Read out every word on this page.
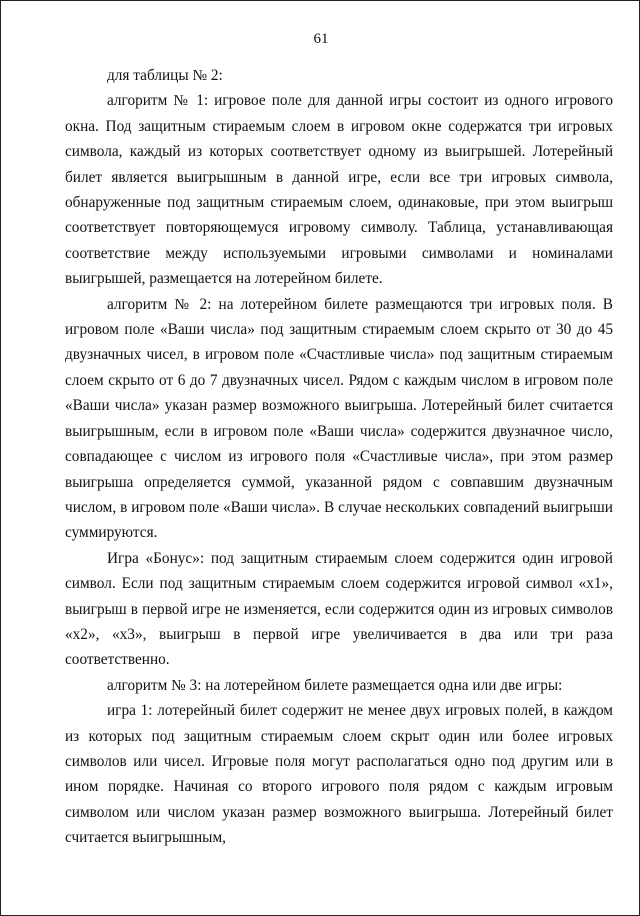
61

для таблицы № 2:

алгоритм № 1: игровое поле для данной игры состоит из одного игрового окна. Под защитным стираемым слоем в игровом окне содержатся три игровых символа, каждый из которых соответствует одному из выигрышей. Лотерейный билет является выигрышным в данной игре, если все три игровых символа, обнаруженные под защитным стираемым слоем, одинаковые, при этом выигрыш соответствует повторяющемуся игровому символу. Таблица, устанавливающая соответствие между используемыми игровыми символами и номиналами выигрышей, размещается на лотерейном билете.

алгоритм № 2: на лотерейном билете размещаются три игровых поля. В игровом поле «Ваши числа» под защитным стираемым слоем скрыто от 30 до 45 двузначных чисел, в игровом поле «Счастливые числа» под защитным стираемым слоем скрыто от 6 до 7 двузначных чисел. Рядом с каждым числом в игровом поле «Ваши числа» указан размер возможного выигрыша. Лотерейный билет считается выигрышным, если в игровом поле «Ваши числа» содержится двузначное число, совпадающее с числом из игрового поля «Счастливые числа», при этом размер выигрыша определяется суммой, указанной рядом с совпавшим двузначным числом, в игровом поле «Ваши числа». В случае нескольких совпадений выигрыши суммируются.

Игра «Бонус»: под защитным стираемым слоем содержится один игровой символ. Если под защитным стираемым слоем содержится игровой символ «x1», выигрыш в первой игре не изменяется, если содержится один из игровых символов «x2», «x3», выигрыш в первой игре увеличивается в два или три раза соответственно.

алгоритм № 3: на лотерейном билете размещается одна или две игры:

игра 1: лотерейный билет содержит не менее двух игровых полей, в каждом из которых под защитным стираемым слоем скрыт один или более игровых символов или чисел. Игровые поля могут располагаться одно под другим или в ином порядке. Начиная со второго игрового поля рядом с каждым игровым символом или числом указан размер возможного выигрыша. Лотерейный билет считается выигрышным,
